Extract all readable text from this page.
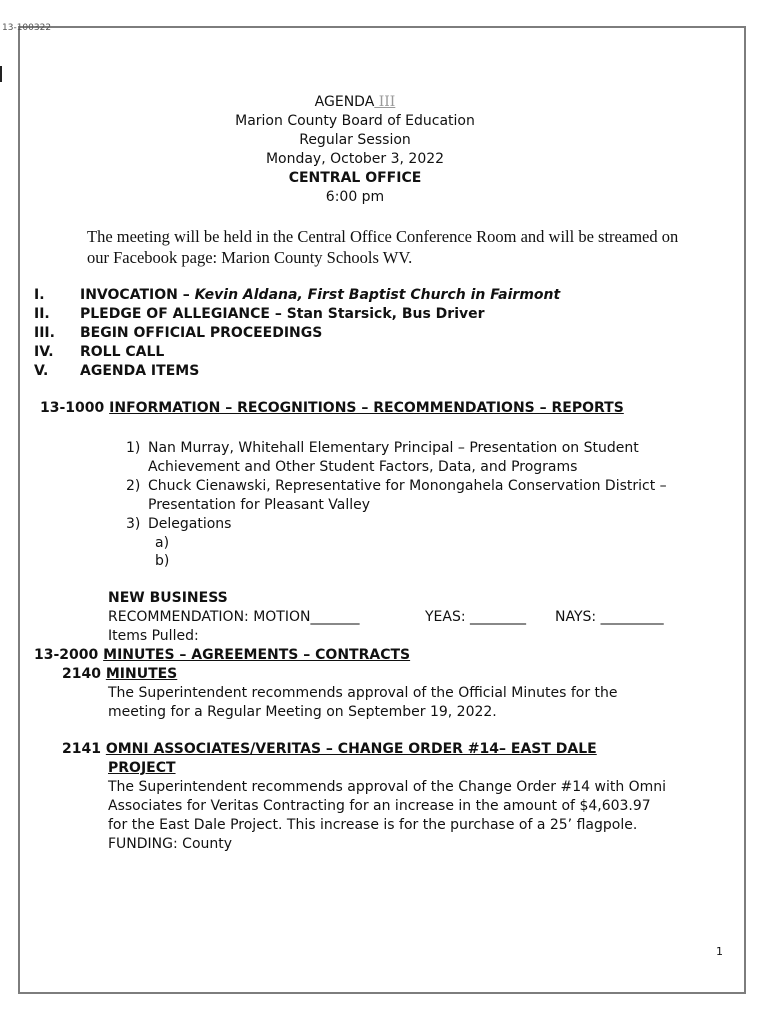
13-100322
AGENDA III
Marion County Board of Education
Regular Session
Monday, October 3, 2022
CENTRAL OFFICE
6:00 pm
The meeting will be held in the Central Office Conference Room and will be streamed on
our Facebook page: Marion County Schools WV.
I.	INVOCATION – Kevin Aldana, First Baptist Church in Fairmont
II. PLEDGE OF ALLEGIANCE – Stan Starsick, Bus Driver
III. BEGIN OFFICIAL PROCEEDINGS
IV. ROLL CALL
V. AGENDA ITEMS
13-1000 INFORMATION – RECOGNITIONS – RECOMMENDATIONS – REPORTS
1) Nan Murray, Whitehall Elementary Principal – Presentation on Student
Achievement and Other Student Factors, Data, and Programs
2) Chuck Cienawski, Representative for Monongahela Conservation District –
Presentation for Pleasant Valley
3) Delegations
a)
b)
NEW BUSINESS
RECOMMENDATION: MOTION_______	YEAS: ________ NAYS: _________
Items Pulled:
13-2000 MINUTES – AGREEMENTS – CONTRACTS
2140 MINUTES
The Superintendent recommends approval of the Official Minutes for the
meeting for a Regular Meeting on September 19, 2022.
2141 OMNI ASSOCIATES/VERITAS – CHANGE ORDER #14– EAST DALE
PROJECT
The Superintendent recommends approval of the Change Order #14 with Omni
Associates for Veritas Contracting for an increase in the amount of $4,603.97
for the East Dale Project. This increase is for the purchase of a 25’ flagpole.
FUNDING: County
1
